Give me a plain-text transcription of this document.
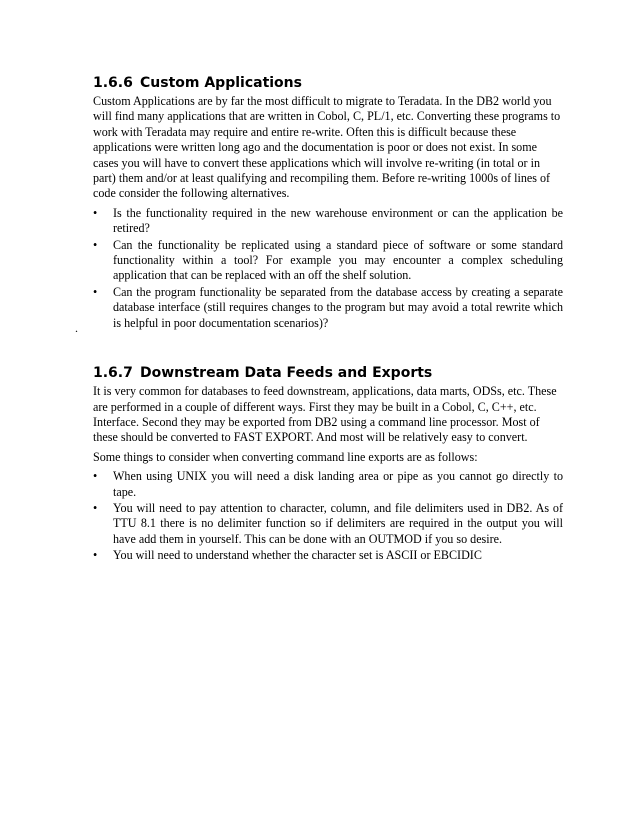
1.6.6 Custom Applications

Custom Applications are by far the most difficult to migrate to Teradata. In the DB2 world you will find many applications that are written in Cobol, C, PL/1, etc. Converting these programs to work with Teradata may require and entire re-write. Often this is difficult because these applications were written long ago and the documentation is poor or does not exist. In some cases you will have to convert these applications which will involve re-writing (in total or in part) them and/or at least qualifying and recompiling them. Before re-writing 1000s of lines of code consider the following alternatives.

•	Is the functionality required in the new warehouse environment or can the application be retired?
•	Can the functionality be replicated using a standard piece of software or some standard functionality within a tool? For example you may encounter a complex scheduling application that can be replaced with an off the shelf solution.
•	Can the program functionality be separated from the database access by creating a separate database interface (still requires changes to the program but may avoid a total rewrite which is helpful in poor documentation scenarios)?
1.6.7 Downstream Data Feeds and Exports

It is very common for databases to feed downstream, applications, data marts, ODSs, etc. These are performed in a couple of different ways. First they may be built in a Cobol, C, C++, etc. Interface. Second they may be exported from DB2 using a command line processor. Most of these should be converted to FAST EXPORT. And most will be relatively easy to convert.

Some things to consider when converting command line exports are as follows:

•	When using UNIX you will need a disk landing area or pipe as you cannot go directly to tape.
•	You will need to pay attention to character, column, and file delimiters used in DB2. As of TTU 8.1 there is no delimiter function so if delimiters are required in the output you will have add them in yourself. This can be done with an OUTMOD if you so desire.
•	You will need to understand whether the character set is ASCII or EBCIDIC
.
